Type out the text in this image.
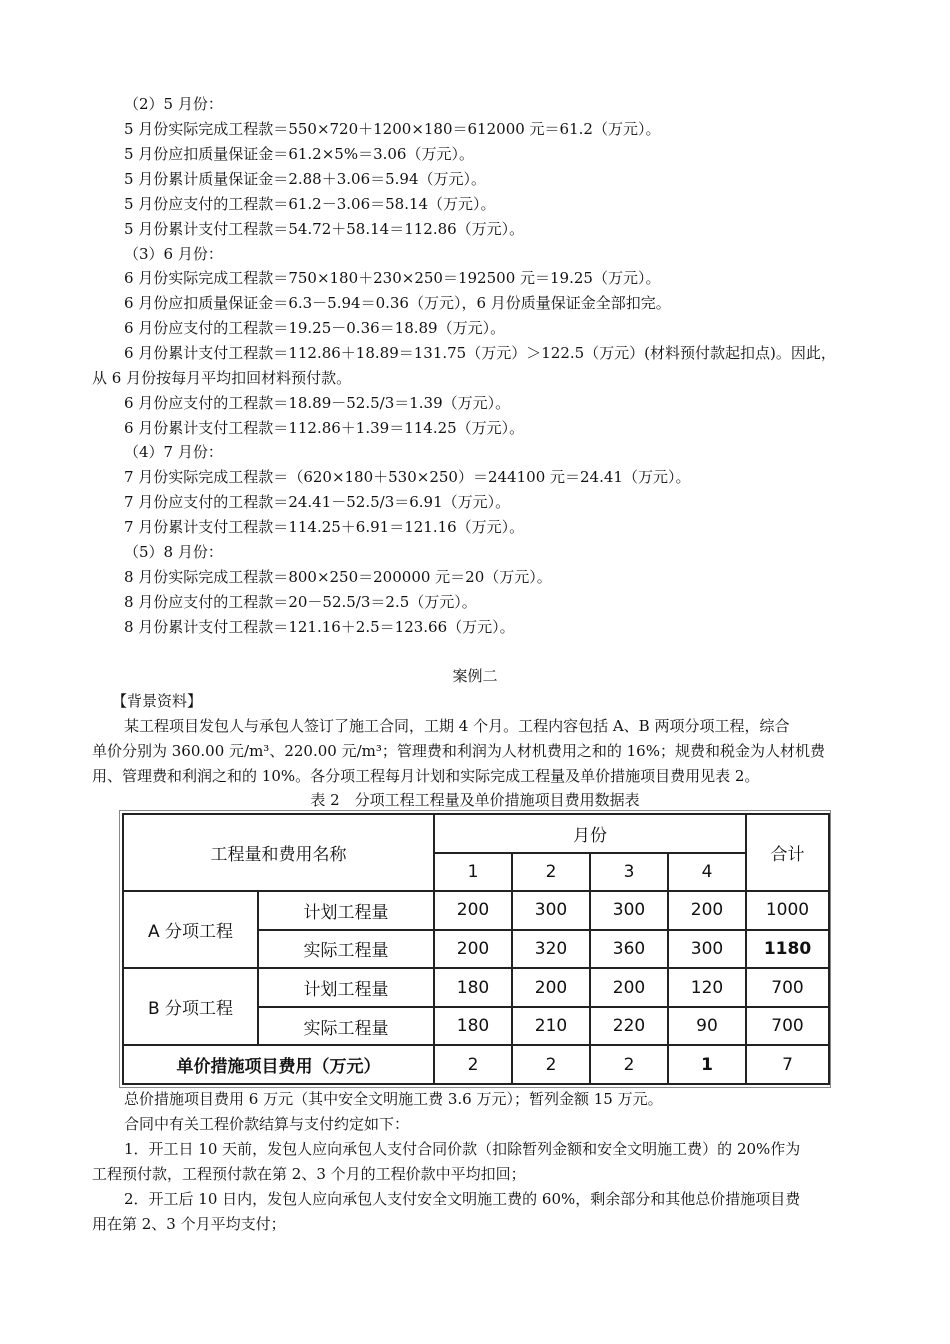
（2）5 月份：
5 月份实际完成工程款＝550×720＋1200×180＝612000 元＝61.2（万元）。
5 月份应扣质量保证金＝61.2×5%＝3.06（万元）。
5 月份累计质量保证金＝2.88＋3.06＝5.94（万元）。
5 月份应支付的工程款＝61.2－3.06＝58.14（万元）。
5 月份累计支付工程款＝54.72＋58.14＝112.86（万元）。
（3）6 月份：
6 月份实际完成工程款＝750×180＋230×250＝192500 元＝19.25（万元）。
6 月份应扣质量保证金＝6.3－5.94＝0.36（万元），6 月份质量保证金全部扣完。
6 月份应支付的工程款＝19.25－0.36＝18.89（万元）。
6 月份累计支付工程款＝112.86＋18.89＝131.75（万元）＞122.5（万元）(材料预付款起扣点)。因此，
从 6 月份按每月平均扣回材料预付款。
6 月份应支付的工程款＝18.89－52.5/3＝1.39（万元）。
6 月份累计支付工程款＝112.86＋1.39＝114.25（万元）。
（4）7 月份：
7 月份实际完成工程款＝（620×180＋530×250）＝244100 元＝24.41（万元）。
7 月份应支付的工程款＝24.41－52.5/3＝6.91（万元）。
7 月份累计支付工程款＝114.25＋6.91＝121.16（万元）。
（5）8 月份：
8 月份实际完成工程款＝800×250＝200000 元＝20（万元）。
8 月份应支付的工程款＝20－52.5/3＝2.5（万元）。
8 月份累计支付工程款＝121.16＋2.5＝123.66（万元）。
案例二
【背景资料】
某工程项目发包人与承包人签订了施工合同，工期 4 个月。工程内容包括 A、B 两项分项工程，综合
单价分别为 360.00 元/m³、220.00 元/m³；管理费和利润为人材机费用之和的 16%；规费和税金为人材机费
用、管理费和利润之和的 10%。各分项工程每月计划和实际完成工程量及单价措施项目费用见表 2。
表 2　分项工程工程量及单价措施项目费用数据表
工程量和费用名称		月份				合计
		1	2	3	4	
A 分项工程	计划工程量	200	300	300	200	1000
	实际工程量	200	320	360	300	1180
B 分项工程	计划工程量	180	200	200	120	700
	实际工程量	180	210	220	90	700
单价措施项目费用（万元）		2	2	2	1	7
总价措施项目费用 6 万元（其中安全文明施工费 3.6 万元）；暂列金额 15 万元。
合同中有关工程价款结算与支付约定如下：
1．开工日 10 天前，发包人应向承包人支付合同价款（扣除暂列金额和安全文明施工费）的 20%作为
工程预付款，工程预付款在第 2、3 个月的工程价款中平均扣回；
2．开工后 10 日内，发包人应向承包人支付安全文明施工费的 60%，剩余部分和其他总价措施项目费
用在第 2、3 个月平均支付；
